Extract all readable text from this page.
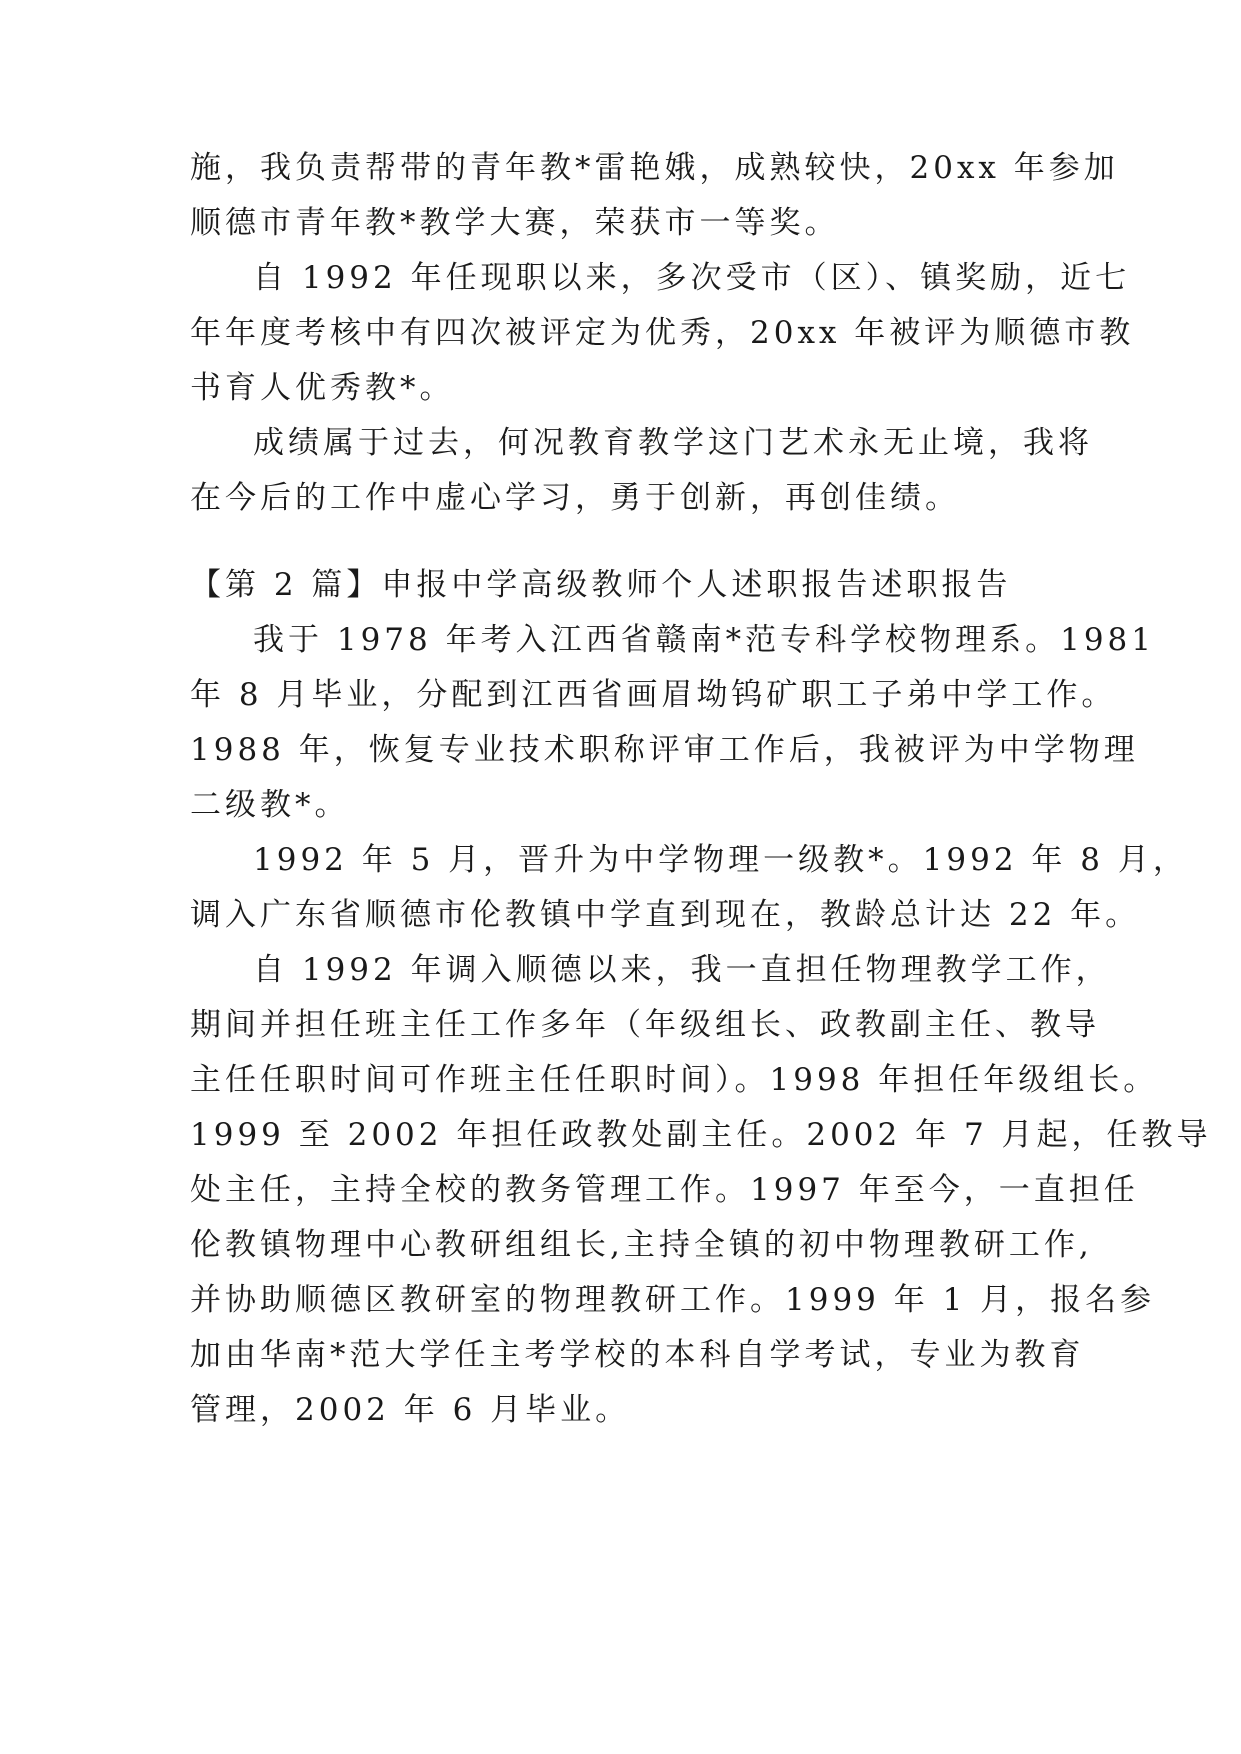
施，我负责帮带的青年教*雷艳娥，成熟较快，20xx 年参加
顺德市青年教*教学大赛，荣获市一等奖。
自 1992 年任现职以来，多次受市（区）、镇奖励，近七
年年度考核中有四次被评定为优秀，20xx 年被评为顺德市教
书育人优秀教*。
成绩属于过去，何况教育教学这门艺术永无止境，我将
在今后的工作中虚心学习，勇于创新，再创佳绩。
【第 2 篇】申报中学高级教师个人述职报告述职报告
我于 1978 年考入江西省赣南*范专科学校物理系。1981
年 8 月毕业，分配到江西省画眉坳钨矿职工子弟中学工作。
1988 年，恢复专业技术职称评审工作后，我被评为中学物理
二级教*。
1992 年 5 月，晋升为中学物理一级教*。1992 年 8 月，
调入广东省顺德市伦教镇中学直到现在，教龄总计达 22 年。
自 1992 年调入顺德以来，我一直担任物理教学工作，
期间并担任班主任工作多年（年级组长、政教副主任、教导
主任任职时间可作班主任任职时间）。1998 年担任年级组长。
1999 至 2002 年担任政教处副主任。2002 年 7 月起，任教导
处主任，主持全校的教务管理工作。1997 年至今，一直担任
伦教镇物理中心教研组组长,主持全镇的初中物理教研工作,
并协助顺德区教研室的物理教研工作。1999 年 1 月，报名参
加由华南*范大学任主考学校的本科自学考试，专业为教育
管理，2002 年 6 月毕业。
